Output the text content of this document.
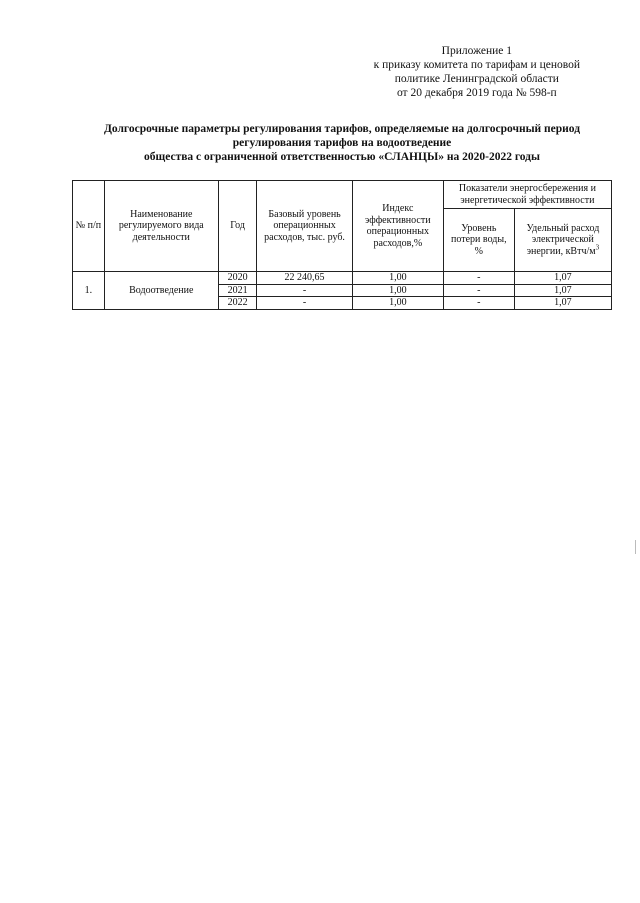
Приложение 1
к приказу комитета по тарифам и ценовой
политике Ленинградской области
от 20 декабря 2019 года № 598-п
Долгосрочные параметры регулирования тарифов, определяемые на долгосрочный период
регулирования тарифов на водоотведение
общества с ограниченной ответственностью «СЛАНЦЫ» на 2020-2022 годы
№ п/п	Наименование регулируемого вида деятельности	Год	Базовый уровень операционных расходов, тыс. руб.	Индекс эффективности операционных расходов,%	Показатели энергосбережения и энергетической эффективности	
					Уровень потери воды, %	Удельный расход электрической энергии, кВтч/$м^3$
1.	Водоотведение	2020	22 240,65	1,00	-	1,07
		2021	-	1,00	-	1,07
		2022	-	1,00	-	1,07
